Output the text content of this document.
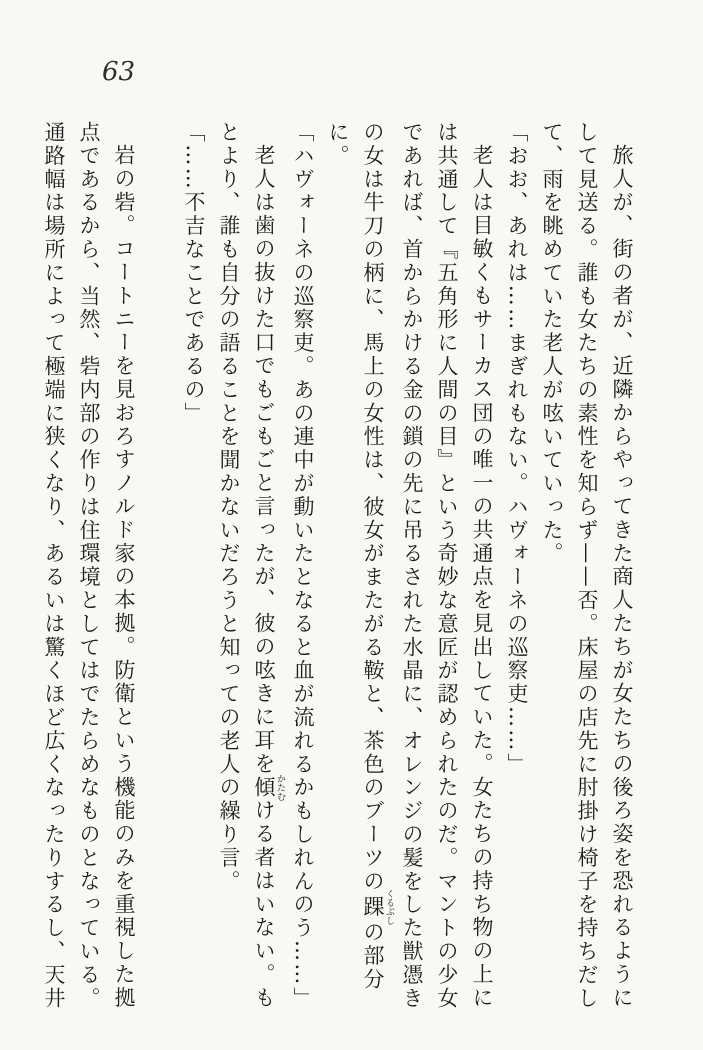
63

旅人が、街の者が、近隣からやってきた商人たちが女たちの後ろ姿を恐れるように

して見送る。誰も女たちの素性を知らず——否。床屋の店先に肘掛け椅子を持ちだし

て、雨を眺めていた老人が呟いていった。

「おお、あれは……まぎれもない。ハヴォーネの巡察吏……」

老人は目敏くもサーカス団の唯一の共通点を見出していた。女たちの持ち物の上に

は共通して『五角形に人間の目』という奇妙な意匠が認められたのだ。マントの少女

であれば、首からかける金の鎖の先に吊るされた水晶に、オレンジの髪をした獣憑き

の女は牛刀の柄に、馬上の女性は、彼女がまたがる鞍と、茶色のブーツの踝 くるぶしの部分に。

「ハヴォーネの巡察吏。あの連中が動いたとなると血が流れるかもしれんのう……」

老人は歯の抜けた口でもごもごと言ったが、彼の呟きに耳を傾 かたむける者はいない。も

とより、誰も自分の語ることを聞かないだろうと知っての老人の繰り言。

「……不吉なことであるの」

岩の砦。コートニーを見おろすノルド家の本拠。防衛という機能のみを重視した拠

点であるから、当然、砦内部の作りは住環境としてはでたらめなものとなっている。

通路幅は場所によって極端に狭くなり、あるいは驚くほど広くなったりするし、天井
